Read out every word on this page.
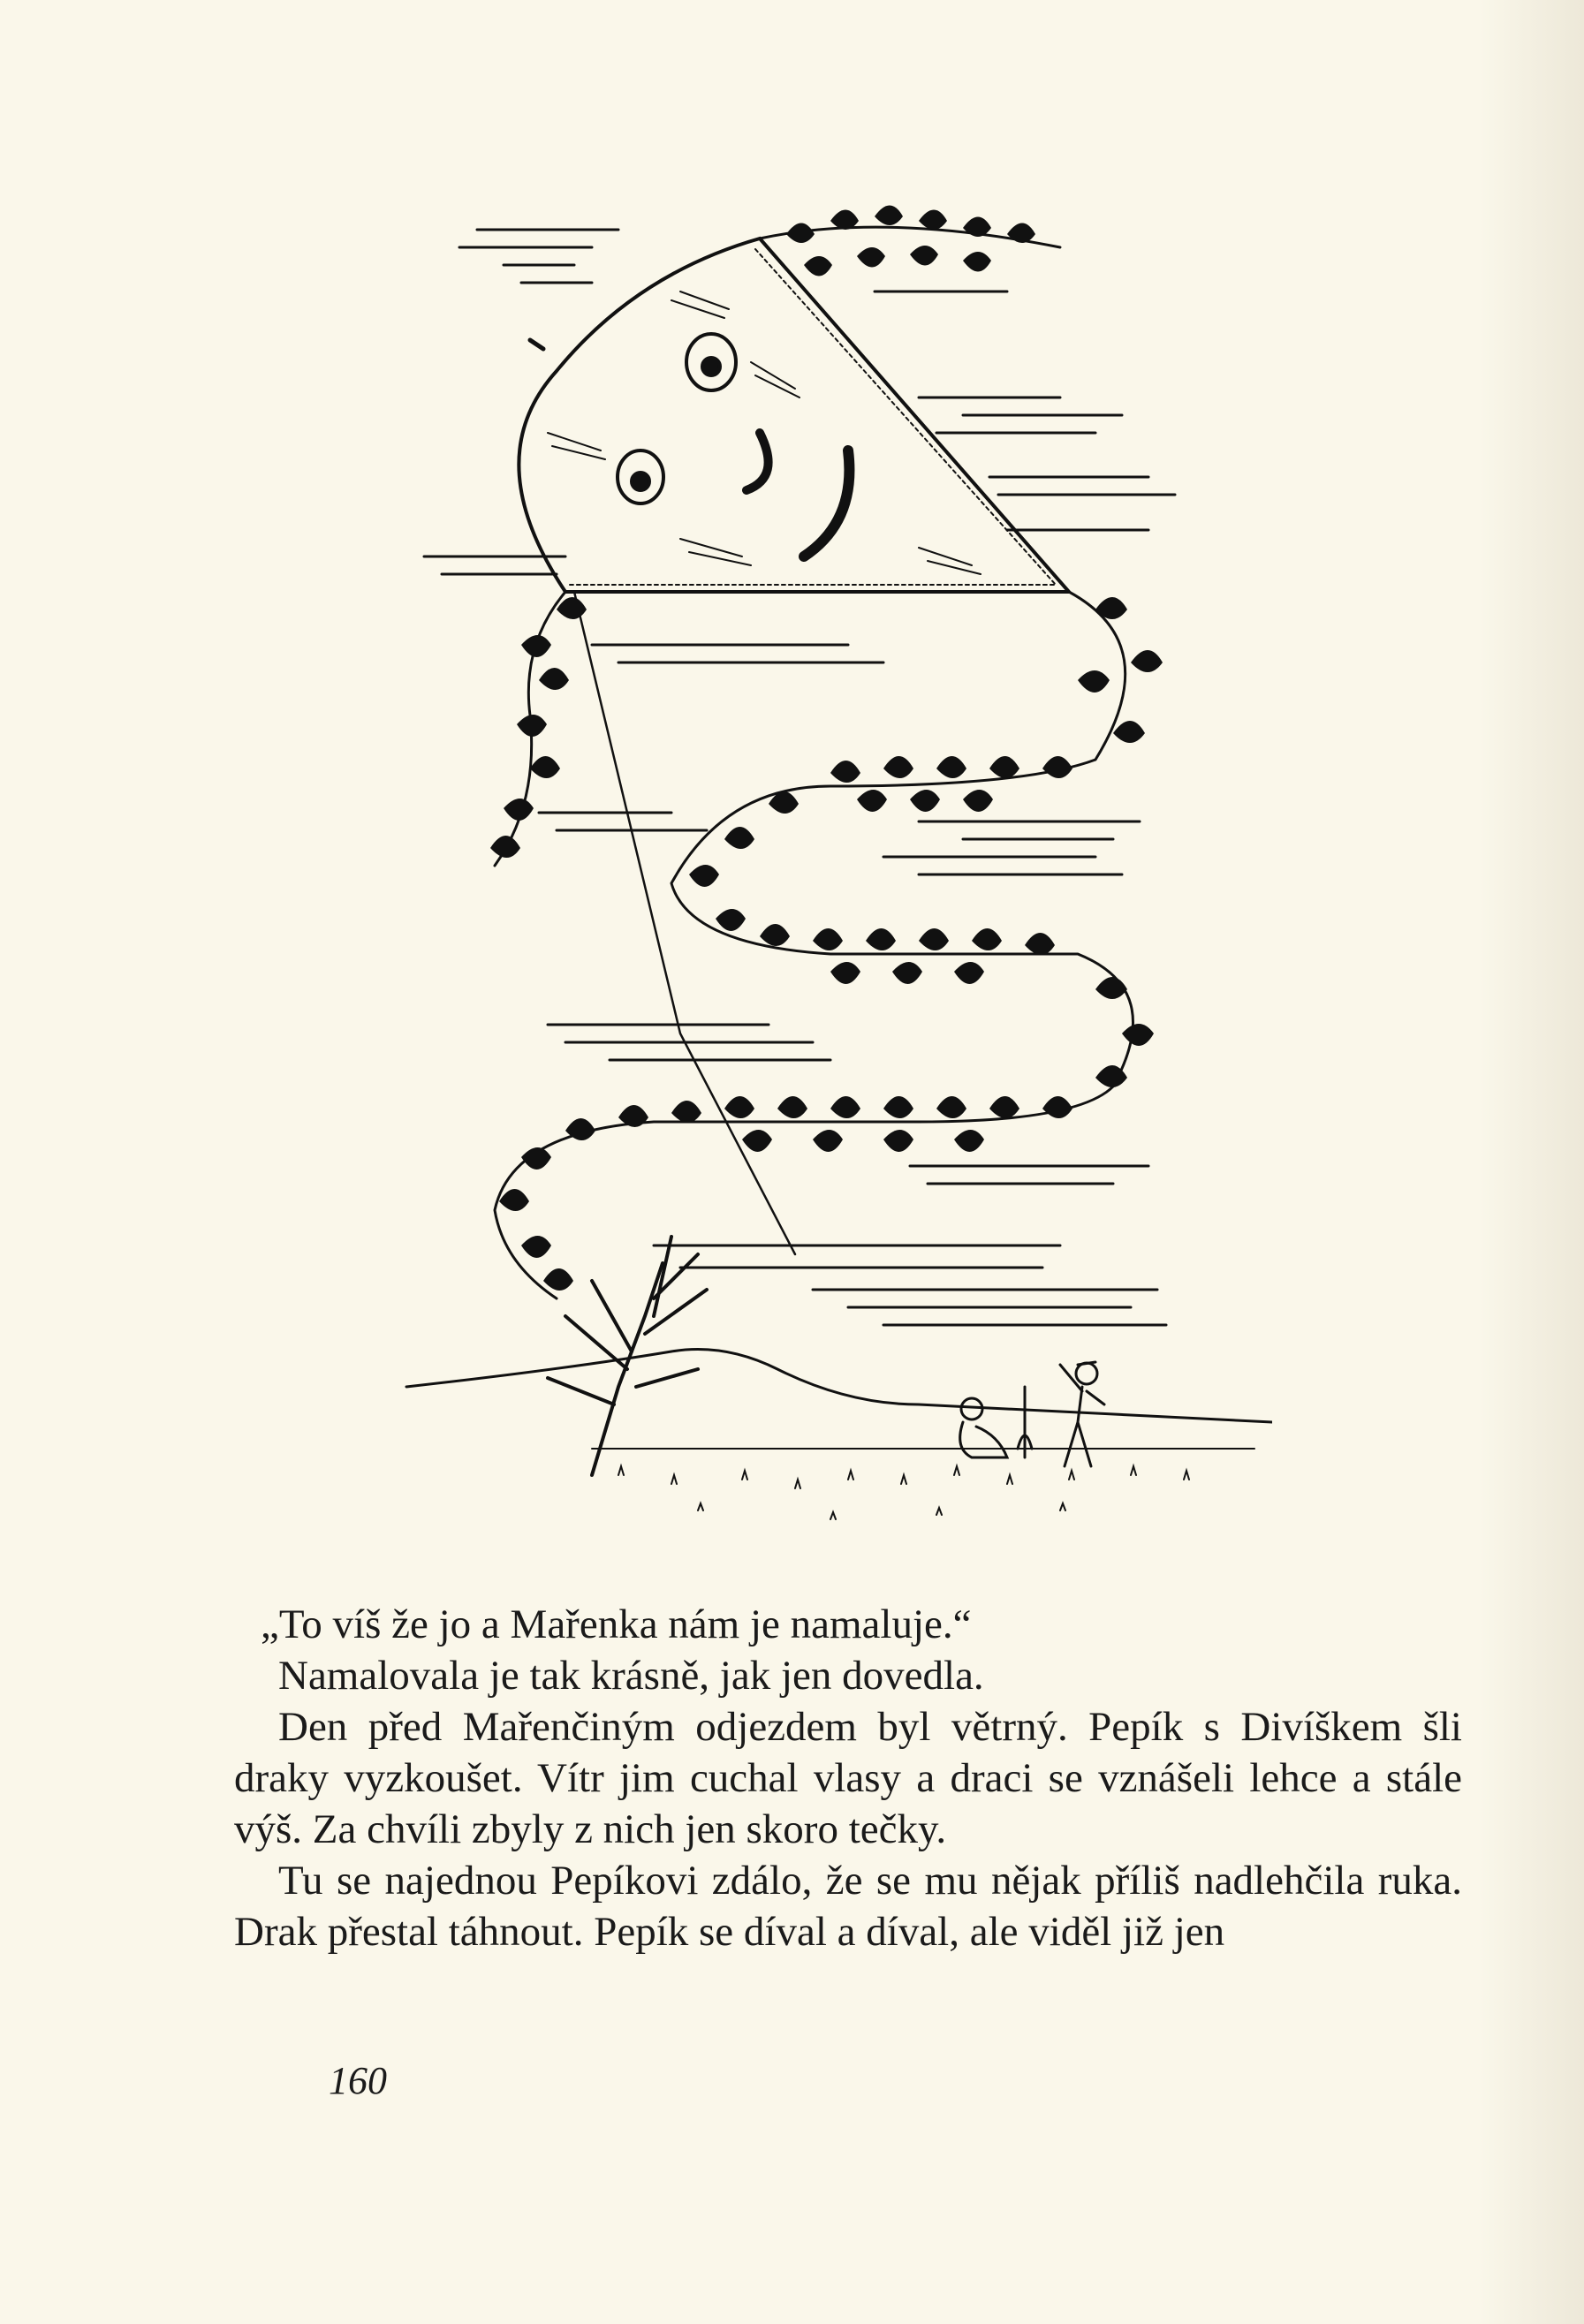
„To víš že jo a Mařenka nám je namaluje.“

Namalovala je tak krásně, jak jen dovedla.

Den před Mařenčiným odjezdem byl větrný. Pepík s Divíškem šli draky vyzkoušet. Vítr jim cuchal vlasy a draci se vznášeli lehce a stále výš. Za chvíli zbyly z nich jen skoro tečky.

Tu se najednou Pepíkovi zdálo, že se mu nějak příliš nadlehčila ruka. Drak přestal táhnout. Pepík se díval a díval, ale viděl již jen

160
